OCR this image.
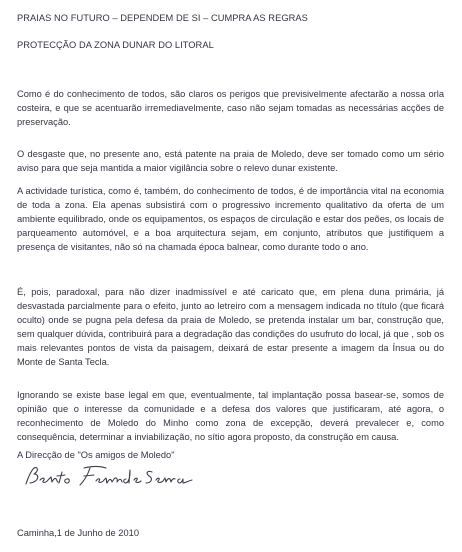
PRAIAS NO FUTURO – DEPENDEM DE SI – CUMPRA AS REGRAS
PROTECÇÃO DA ZONA DUNAR DO LITORAL
Como é do conhecimento de todos, são claros os perigos que previsivelmente afectarão a nossa orla costeira, e que se acentuarão irremediavelmente, caso não sejam tomadas as necessárias acções de preservação.
O desgaste que, no presente ano, está patente na praia de Moledo, deve ser tomado como um sério aviso para que seja mantida a maior vigilância sobre o relevo dunar existente.
A actividade turística, como é, também, do conhecimento de todos, é de importância vital na economia de toda a zona. Ela apenas subsistirá com o progressivo incremento qualitativo da oferta de um ambiente equilibrado, onde os equipamentos, os espaços de circulação e estar dos peões, os locais de parqueamento automóvel, e a boa arquitectura sejam, em conjunto, atributos que justifiquem a presença de visitantes, não só na chamada época balnear, como durante todo o ano.
É, pois, paradoxal, para não dizer inadmissível e até caricato que, em plena duna primária, já desvastada parcialmente para o efeito, junto ao letreiro com a mensagem indicada no título (que ficará oculto) onde se pugna pela defesa da praia de Moledo, se pretenda instalar um bar, construção que, sem qualquer dúvida, contribuirá para a degradação das condições do usufruto do local, já que , sob os mais relevantes pontos de vista da paisagem, deixará de estar presente a imagem da Ínsua ou do Monte de Santa Tecla.
Ignorando se existe base legal em que, eventualmente, tal implantação possa basear-se, somos de opinião que o interesse da comunidade e a defesa dos valores que justificaram, até agora, o reconhecimento de Moledo do Minho como zona de excepção, deverá prevalecer e, como consequência, determinar a inviabilização, no sítio agora proposto, da construção em causa.
A Direcção de "Os amigos de Moledo"
Caminha,1 de Junho de 2010
